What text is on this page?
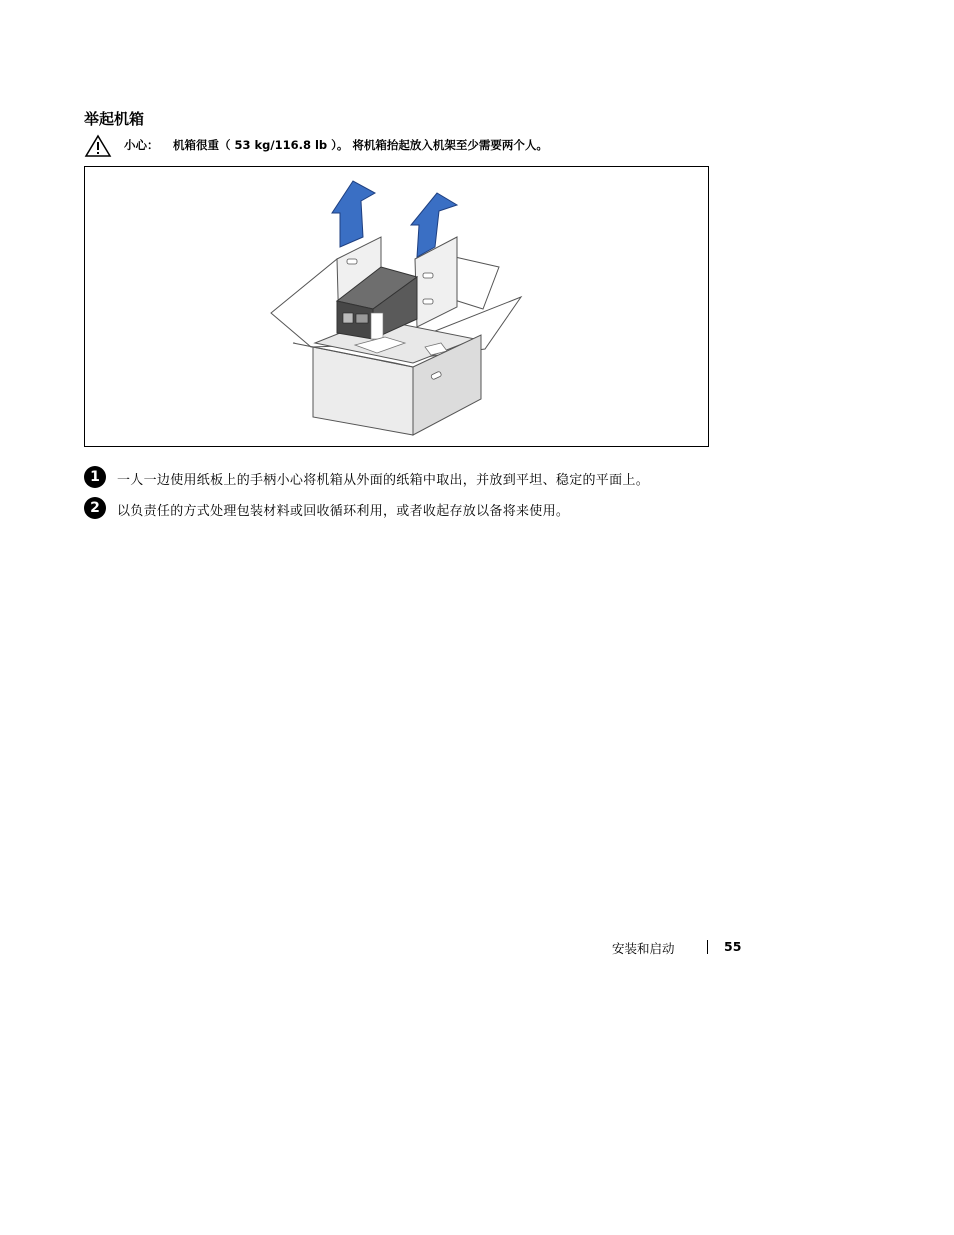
举起机箱
小心： 机箱很重（ 53 kg/116.8 lb ）。 将机箱抬起放入机架至少需要两个人。
1	一人一边使用纸板上的手柄小心将机箱从外面的纸箱中取出，并放到平坦、稳定的平面上。
2	以负责任的方式处理包装材料或回收循环利用，或者收起存放以备将来使用。
安装和启动	55
